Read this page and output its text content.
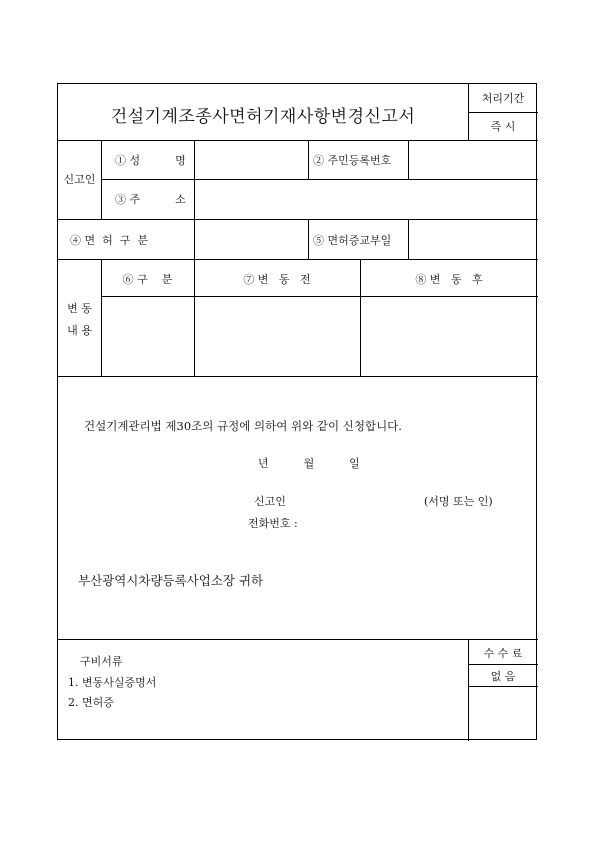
건설기계조종사면허기재사항변경신고서
처리기간
즉 시
신고인
① 성          명	② 주민등록번호
③ 주          소
④ 면  허  구  분	⑤ 면허증교부일
변 동
내 용
⑥ 구    분	⑦ 변   동   전	⑧ 변   동   후
건설기계관리법 제30조의 규정에 의하여 위와 같이 신청합니다.
년          월          일
신고인	(서명 또는 인)
전화번호 :
부산광역시차량등록사업소장 귀하
구비서류
1. 변동사실증명서
2. 면허증
수 수 료
없 음
